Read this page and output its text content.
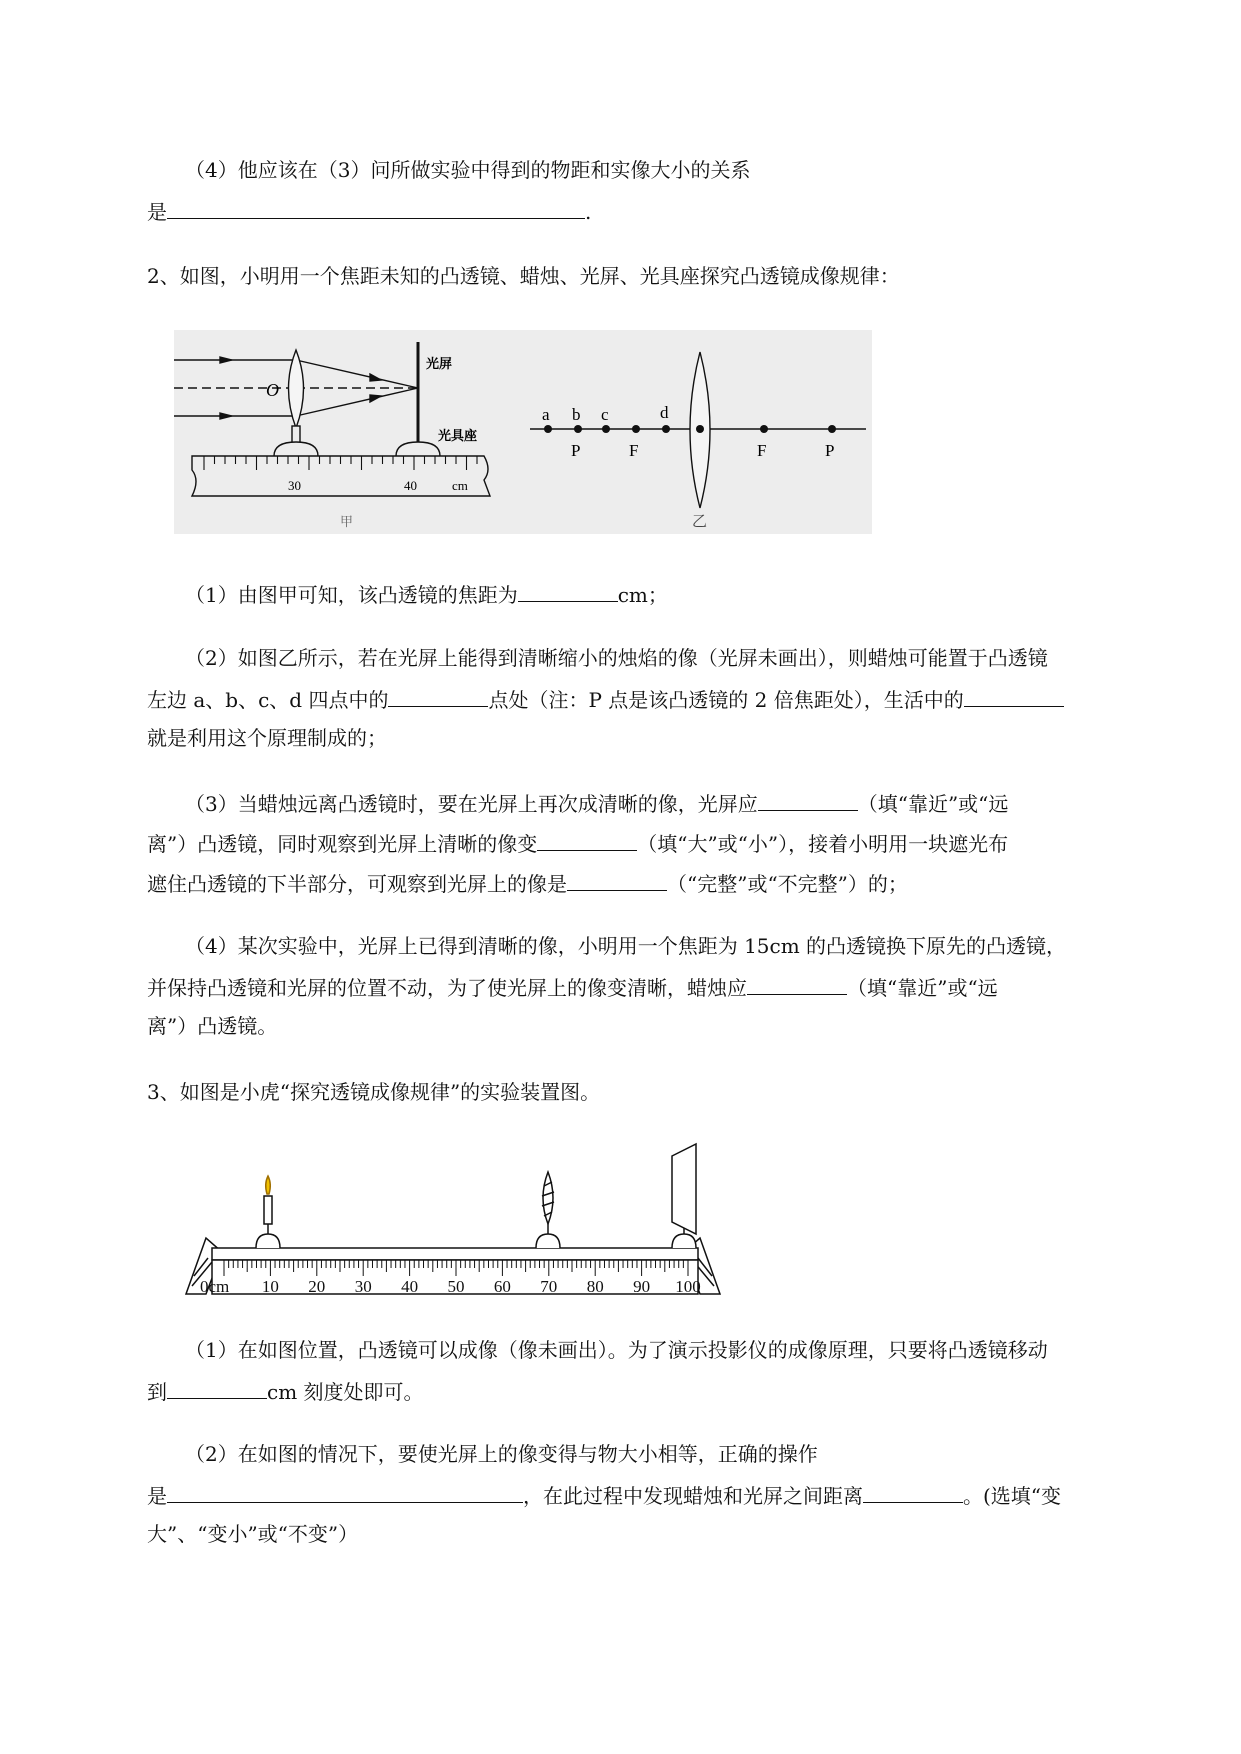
（4）他应该在（3）问所做实验中得到的物距和实像大小的关系
是	.
2、如图，小明用一个焦距未知的凸透镜、蜡烛、光屏、光具座探究凸透镜成像规律：
O
光屏
光具座
30	40	cm
甲
a b c	d
P	F	F	P
乙
（1）由图甲可知，该凸透镜的焦距为	cm；
（2）如图乙所示，若在光屏上能得到清晰缩小的烛焰的像（光屏未画出），则蜡烛可能置于凸透镜
左边 a、b、c、d 四点中的	点处（注：P 点是该凸透镜的 2 倍焦距处），生活中的
就是利用这个原理制成的；
（3）当蜡烛远离凸透镜时，要在光屏上再次成清晰的像，光屏应	（填“靠近”或“远
离”）凸透镜，同时观察到光屏上清晰的像变	（填“大”或“小”），接着小明用一块遮光布
遮住凸透镜的下半部分，可观察到光屏上的像是	（“完整”或“不完整”）的；
（4）某次实验中，光屏上已得到清晰的像，小明用一个焦距为 15cm 的凸透镜换下原先的凸透镜，
并保持凸透镜和光屏的位置不动，为了使光屏上的像变清晰，蜡烛应	（填“靠近”或“远
离”）凸透镜。
3、如图是小虎“探究透镜成像规律”的实验装置图。
0cm 10 20 30 40 50 60 70 80 90 100
（1）在如图位置，凸透镜可以成像（像未画出）。为了演示投影仪的成像原理，只要将凸透镜移动
到	cm 刻度处即可。
（2）在如图的情况下，要使光屏上的像变得与物大小相等，正确的操作
是	，在此过程中发现蜡烛和光屏之间距离	。(选填“变
大”、“变小”或“不变”）
